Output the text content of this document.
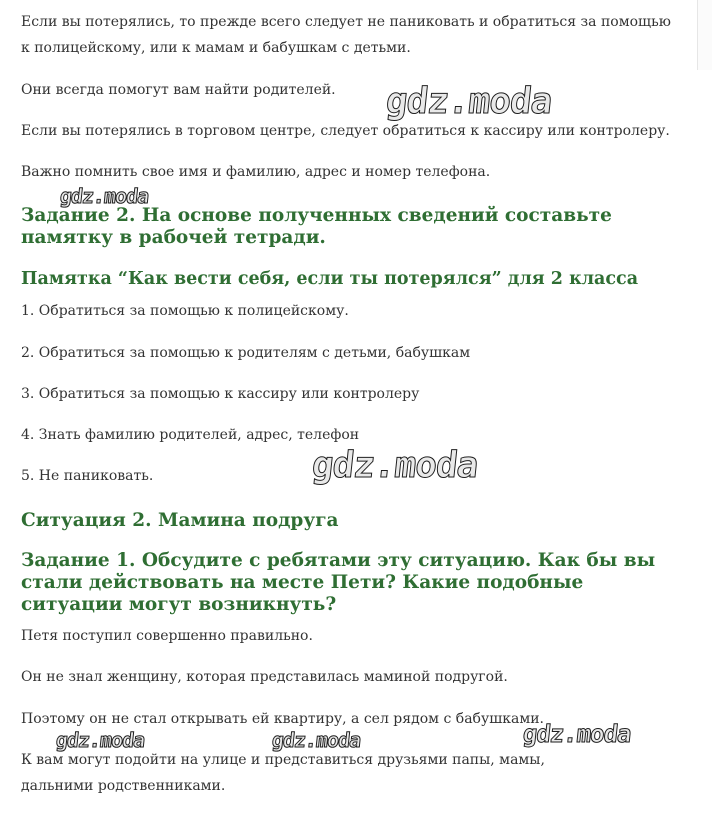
Если вы потерялись, то прежде всего следует не паниковать и обратиться за помощью к полицейскому, или к мамам и бабушкам с детьми.

Они всегда помогут вам найти родителей.

Если вы потерялись в торговом центре, следует обратиться к кассиру или контролеру.

Важно помнить свое имя и фамилию, адрес и номер телефона.

Задание 2. На основе полученных сведений составьте памятку в рабочей тетради.
Памятка “Как вести себя, если ты потерялся” для 2 класса

1. Обратиться за помощью к полицейскому.

2. Обратиться за помощью к родителям с детьми, бабушкам

3. Обратиться за помощью к кассиру или контролеру

4. Знать фамилию родителей, адрес, телефон

5. Не паниковать.

Ситуация 2. Мамина подруга
Задание 1. Обсудите с ребятами эту ситуацию. Как бы вы стали действовать на месте Пети? Какие подобные ситуации могут возникнуть?

Петя поступил совершенно правильно.

Он не знал женщину, которая представилась маминой подругой.

Поэтому он не стал открывать ей квартиру, а сел рядом с бабушками.

К вам могут подойти на улице и представиться друзьями папы, мамы, дальними родственниками.

gdz.moda
gdz.moda
gdz.moda
gdz.moda	gdz.moda	gdz.moda
